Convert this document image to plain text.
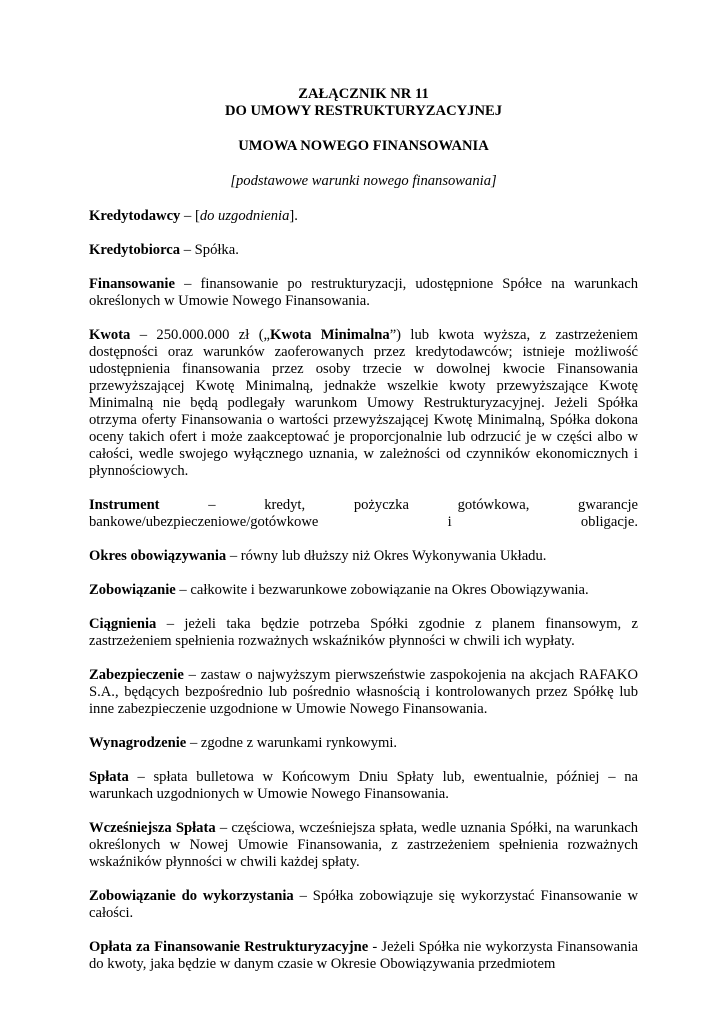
ZAŁĄCZNIK NR 11

DO UMOWY RESTRUKTURYZACYJNEJ

UMOWA NOWEGO FINANSOWANIA

[podstawowe warunki nowego finansowania]

Kredytodawcy – [do uzgodnienia].

Kredytobiorca – Spółka.

Finansowanie – finansowanie po restrukturyzacji, udostępnione Spółce na warunkach określonych w Umowie Nowego Finansowania.

Kwota – 250.000.000 zł („Kwota Minimalna”) lub kwota wyższa, z zastrzeżeniem dostępności oraz warunków zaoferowanych przez kredytodawców; istnieje możliwość udostępnienia finansowania przez osoby trzecie w dowolnej kwocie Finansowania przewyższającej Kwotę Minimalną, jednakże wszelkie kwoty przewyższające Kwotę Minimalną nie będą podlegały warunkom Umowy Restrukturyzacyjnej. Jeżeli Spółka otrzyma oferty Finansowania o wartości przewyższającej Kwotę Minimalną, Spółka dokona oceny takich ofert i może zaakceptować je proporcjonalnie lub odrzucić je w części albo w całości, wedle swojego wyłącznego uznania, w zależności od czynników ekonomicznych i płynnościowych.

Instrument – kredyt, pożyczka gotówkowa, gwarancje bankowe/ubezpieczeniowe/gotówkowe i obligacje.

Okres obowiązywania – równy lub dłuższy niż Okres Wykonywania Układu.

Zobowiązanie – całkowite i bezwarunkowe zobowiązanie na Okres Obowiązywania.

Ciągnienia – jeżeli taka będzie potrzeba Spółki zgodnie z planem finansowym, z zastrzeżeniem spełnienia rozważnych wskaźników płynności w chwili ich wypłaty.

Zabezpieczenie – zastaw o najwyższym pierwszeństwie zaspokojenia na akcjach RAFAKO S.A., będących bezpośrednio lub pośrednio własnością i kontrolowanych przez Spółkę lub inne zabezpieczenie uzgodnione w Umowie Nowego Finansowania.

Wynagrodzenie – zgodne z warunkami rynkowymi.

Spłata – spłata bulletowa w Końcowym Dniu Spłaty lub, ewentualnie, później – na warunkach uzgodnionych w Umowie Nowego Finansowania.

Wcześniejsza Spłata – częściowa, wcześniejsza spłata, wedle uznania Spółki, na warunkach określonych w Nowej Umowie Finansowania, z zastrzeżeniem spełnienia rozważnych wskaźników płynności w chwili każdej spłaty.

Zobowiązanie do wykorzystania – Spółka zobowiązuje się wykorzystać Finansowanie w całości.

Opłata za Finansowanie Restrukturyzacyjne - Jeżeli Spółka nie wykorzysta Finansowania do kwoty, jaka będzie w danym czasie w Okresie Obowiązywania przedmiotem
